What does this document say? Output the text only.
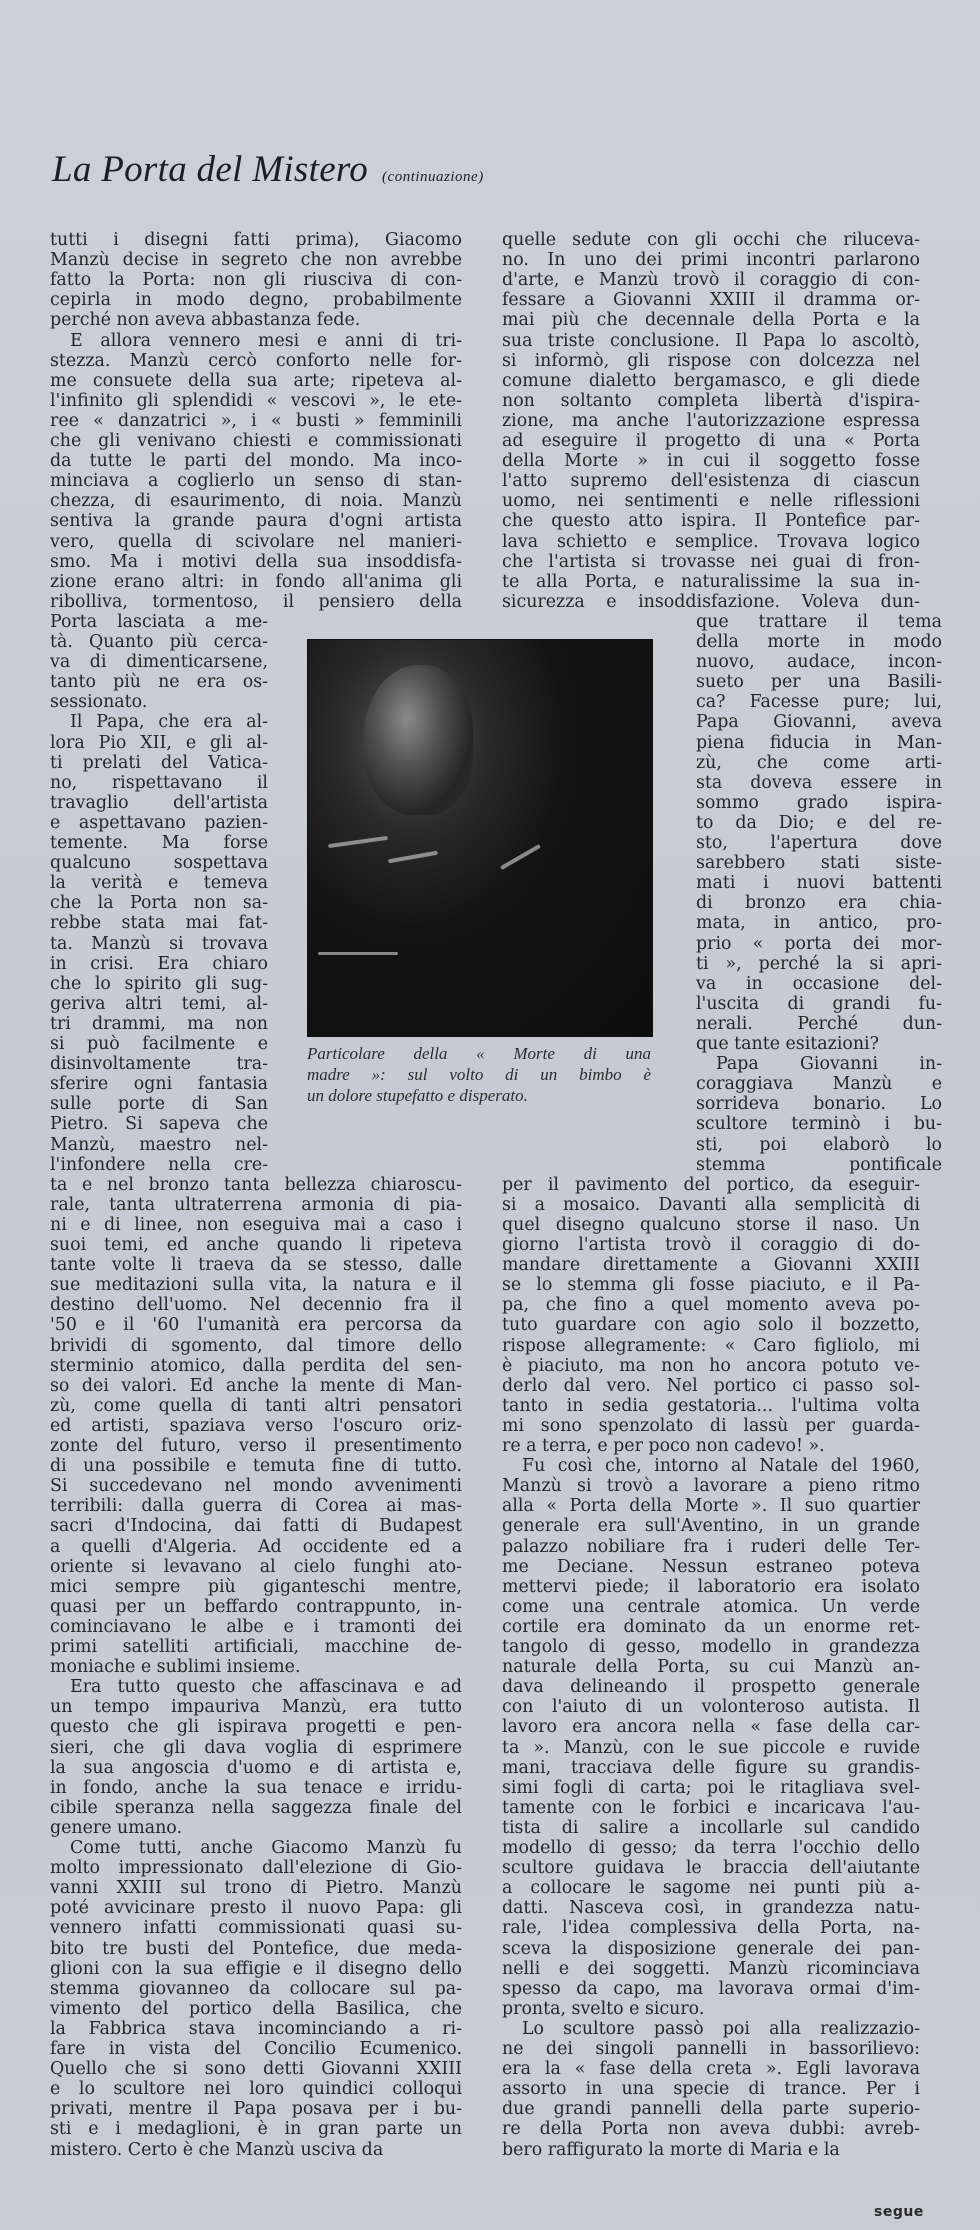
La Porta del Mistero (continuazione)
Particolare della « Morte di una
madre »: sul volto di un bimbo è
un dolore stupefatto e disperato.
segue
tutti i disegni fatti prima), Giacomo
Manzù decise in segreto che non avrebbe
fatto la Porta: non gli riusciva di con-
cepirla in modo degno, probabilmente
perché non aveva abbastanza fede.
E allora vennero mesi e anni di tri-
stezza. Manzù cercò conforto nelle for-
me consuete della sua arte; ripeteva al-
l'infinito gli splendidi « vescovi », le ete-
ree « danzatrici », i « busti » femminili
che gli venivano chiesti e commissionati
da tutte le parti del mondo. Ma inco-
minciava a coglierlo un senso di stan-
chezza, di esaurimento, di noia. Manzù
sentiva la grande paura d'ogni artista
vero, quella di scivolare nel manieri-
smo. Ma i motivi della sua insoddisfa-
zione erano altri: in fondo all'anima gli
ribolliva, tormentoso, il pensiero della
Porta lasciata a me-
tà. Quanto più cerca-
va di dimenticarsene,
tanto più ne era os-
sessionato.
Il Papa, che era al-
lora Pio XII, e gli al-
ti prelati del Vatica-
no, rispettavano il
travaglio dell'artista
e aspettavano pazien-
temente. Ma forse
qualcuno sospettava
la verità e temeva
che la Porta non sa-
rebbe stata mai fat-
ta. Manzù si trovava
in crisi. Era chiaro
che lo spirito gli sug-
geriva altri temi, al-
tri drammi, ma non
si può facilmente e
disinvoltamente tra-
sferire ogni fantasia
sulle porte di San
Pietro. Si sapeva che
Manzù, maestro nel-
l'infondere nella cre-
ta e nel bronzo tanta bellezza chiaroscu-
rale, tanta ultraterrena armonia di pia-
ni e di linee, non eseguiva mai a caso i
suoi temi, ed anche quando li ripeteva
tante volte li traeva da se stesso, dalle
sue meditazioni sulla vita, la natura e il
destino dell'uomo. Nel decennio fra il
'50 e il '60 l'umanità era percorsa da
brividi di sgomento, dal timore dello
sterminio atomico, dalla perdita del sen-
so dei valori. Ed anche la mente di Man-
zù, come quella di tanti altri pensatori
ed artisti, spaziava verso l'oscuro oriz-
zonte del futuro, verso il presentimento
di una possibile e temuta fine di tutto.
Si succedevano nel mondo avvenimenti
terribili: dalla guerra di Corea ai mas-
sacri d'Indocina, dai fatti di Budapest
a quelli d'Algeria. Ad occidente ed a
oriente si levavano al cielo funghi ato-
mici sempre più giganteschi mentre,
quasi per un beffardo contrappunto, in-
cominciavano le albe e i tramonti dei
primi satelliti artificiali, macchine de-
moniache e sublimi insieme.
Era tutto questo che affascinava e ad
un tempo impauriva Manzù, era tutto
questo che gli ispirava progetti e pen-
sieri, che gli dava voglia di esprimere
la sua angoscia d'uomo e di artista e,
in fondo, anche la sua tenace e irridu-
cibile speranza nella saggezza finale del
genere umano.
Come tutti, anche Giacomo Manzù fu
molto impressionato dall'elezione di Gio-
vanni XXIII sul trono di Pietro. Manzù
poté avvicinare presto il nuovo Papa: gli
vennero infatti commissionati quasi su-
bito tre busti del Pontefice, due meda-
glioni con la sua effigie e il disegno dello
stemma giovanneo da collocare sul pa-
vimento del portico della Basilica, che
la Fabbrica stava incominciando a ri-
fare in vista del Concilio Ecumenico.
Quello che si sono detti Giovanni XXIII
e lo scultore nei loro quindici colloqui
privati, mentre il Papa posava per i bu-
sti e i medaglioni, è in gran parte un
mistero. Certo è che Manzù usciva da
quelle sedute con gli occhi che riluceva-
no. In uno dei primi incontri parlarono
d'arte, e Manzù trovò il coraggio di con-
fessare a Giovanni XXIII il dramma or-
mai più che decennale della Porta e la
sua triste conclusione. Il Papa lo ascoltò,
si informò, gli rispose con dolcezza nel
comune dialetto bergamasco, e gli diede
non soltanto completa libertà d'ispira-
zione, ma anche l'autorizzazione espressa
ad eseguire il progetto di una « Porta
della Morte » in cui il soggetto fosse
l'atto supremo dell'esistenza di ciascun
uomo, nei sentimenti e nelle riflessioni
che questo atto ispira. Il Pontefice par-
lava schietto e semplice. Trovava logico
che l'artista si trovasse nei guai di fron-
te alla Porta, e naturalissime la sua in-
sicurezza e insoddisfazione. Voleva dun-
que trattare il tema
della morte in modo
nuovo, audace, incon-
sueto per una Basili-
ca? Facesse pure; lui,
Papa Giovanni, aveva
piena fiducia in Man-
zù, che come arti-
sta doveva essere in
sommo grado ispira-
to da Dio; e del re-
sto, l'apertura dove
sarebbero stati siste-
mati i nuovi battenti
di bronzo era chia-
mata, in antico, pro-
prio « porta dei mor-
ti », perché la si apri-
va in occasione del-
l'uscita di grandi fu-
nerali. Perché dun-
que tante esitazioni?
Papa Giovanni in-
coraggiava Manzù e
sorrideva bonario. Lo
scultore terminò i bu-
sti, poi elaborò lo
stemma pontificale
per il pavimento del portico, da eseguir-
si a mosaico. Davanti alla semplicità di
quel disegno qualcuno storse il naso. Un
giorno l'artista trovò il coraggio di do-
mandare direttamente a Giovanni XXIII
se lo stemma gli fosse piaciuto, e il Pa-
pa, che fino a quel momento aveva po-
tuto guardare con agio solo il bozzetto,
rispose allegramente: « Caro figliolo, mi
è piaciuto, ma non ho ancora potuto ve-
derlo dal vero. Nel portico ci passo sol-
tanto in sedia gestatoria... l'ultima volta
mi sono spenzolato di lassù per guarda-
re a terra, e per poco non cadevo! ».
Fu così che, intorno al Natale del 1960,
Manzù si trovò a lavorare a pieno ritmo
alla « Porta della Morte ». Il suo quartier
generale era sull'Aventino, in un grande
palazzo nobiliare fra i ruderi delle Ter-
me Deciane. Nessun estraneo poteva
mettervi piede; il laboratorio era isolato
come una centrale atomica. Un verde
cortile era dominato da un enorme ret-
tangolo di gesso, modello in grandezza
naturale della Porta, su cui Manzù an-
dava delineando il prospetto generale
con l'aiuto di un volonteroso autista. Il
lavoro era ancora nella « fase della car-
ta ». Manzù, con le sue piccole e ruvide
mani, tracciava delle figure su grandis-
simi fogli di carta; poi le ritagliava svel-
tamente con le forbici e incaricava l'au-
tista di salire a incollarle sul candido
modello di gesso; da terra l'occhio dello
scultore guidava le braccia dell'aiutante
a collocare le sagome nei punti più a-
datti. Nasceva così, in grandezza natu-
rale, l'idea complessiva della Porta, na-
sceva la disposizione generale dei pan-
nelli e dei soggetti. Manzù ricominciava
spesso da capo, ma lavorava ormai d'im-
pronta, svelto e sicuro.
Lo scultore passò poi alla realizzazio-
ne dei singoli pannelli in bassorilievo:
era la « fase della creta ». Egli lavorava
assorto in una specie di trance. Per i
due grandi pannelli della parte superio-
re della Porta non aveva dubbi: avreb-
bero raffigurato la morte di Maria e la
